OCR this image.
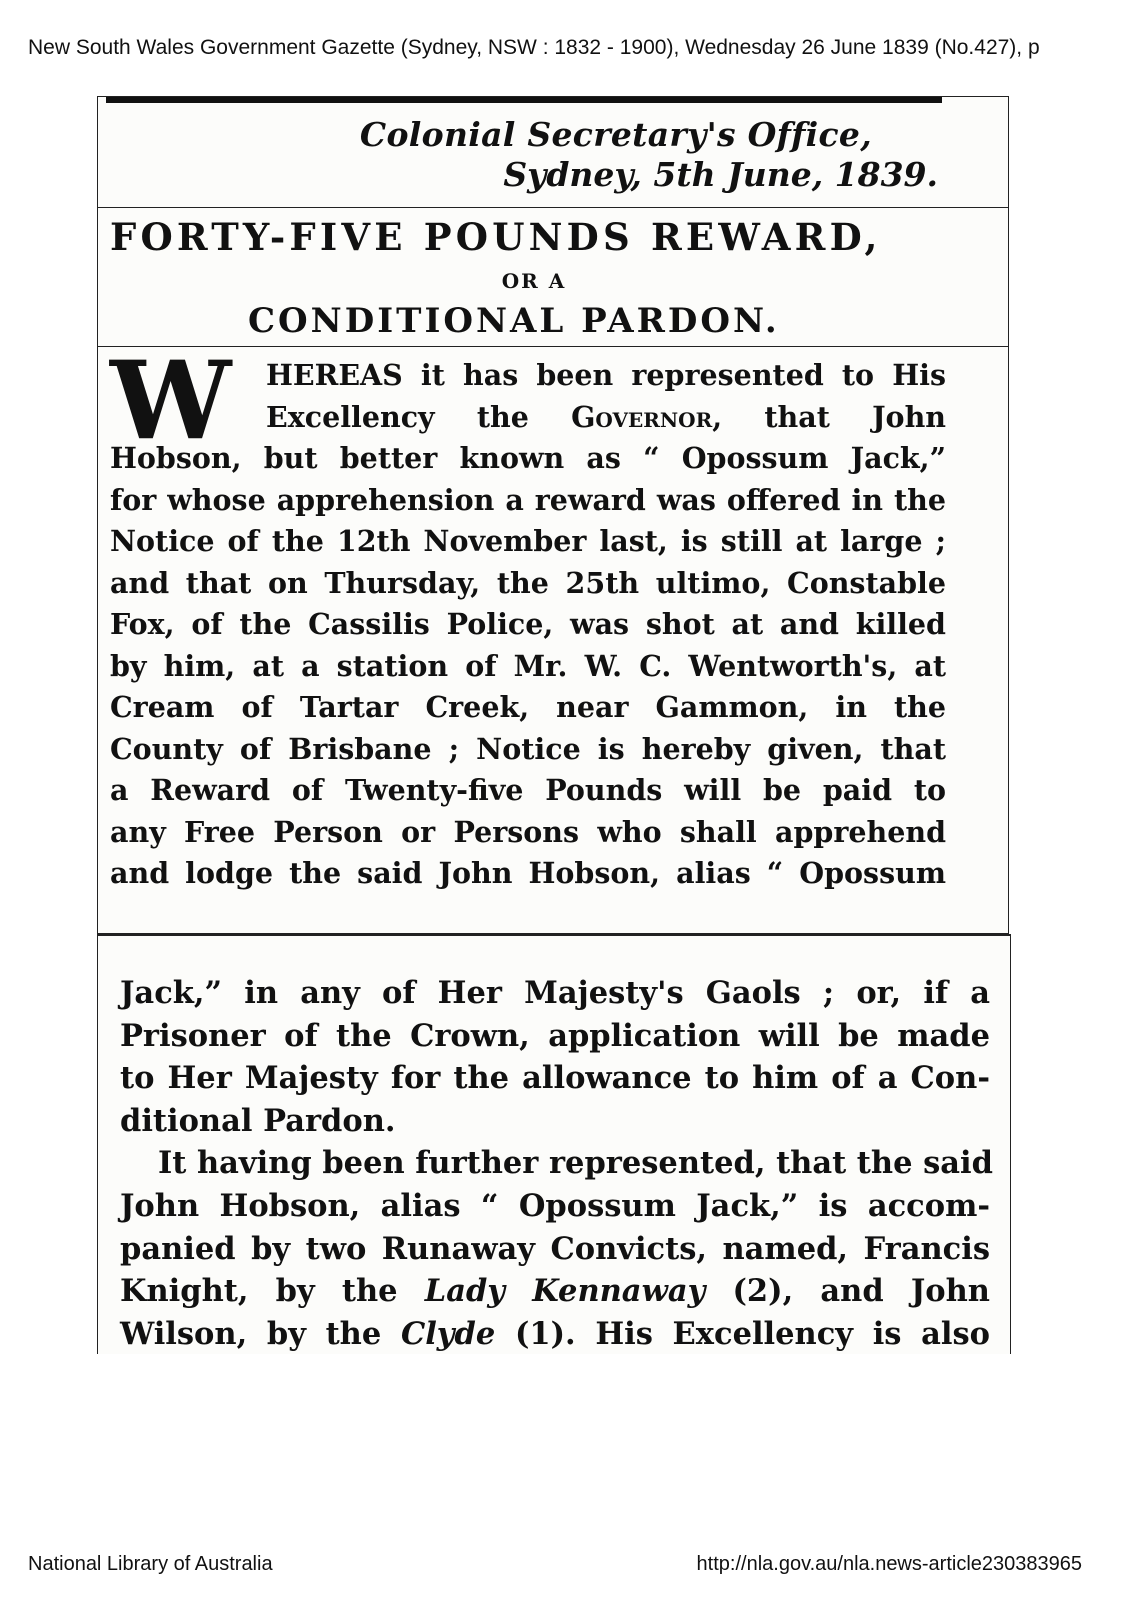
New South Wales Government Gazette (Sydney, NSW : 1832 - 1900), Wednesday 26 June 1839 (No.427), p
Colonial Secretary's Office,
Sydney, 5th June, 1839.
FORTY-FIVE POUNDS REWARD,
OR A
CONDITIONAL PARDON.
W	HEREAS it has been represented to His
Excellency the Governor, that John
Hobson, but better known as “ Opossum Jack,”
for whose apprehension a reward was offered in the
Notice of the 12th November last, is still at large ;
and that on Thursday, the 25th ultimo, Constable
Fox, of the Cassilis Police, was shot at and killed
by him, at a station of Mr. W. C. Wentworth's, at
Cream of Tartar Creek, near Gammon, in the
County of Brisbane ; Notice is hereby given, that
a Reward of Twenty-five Pounds will be paid to
any Free Person or Persons who shall apprehend
and lodge the said John Hobson, alias “ Opossum
Jack,” in any of Her Majesty's Gaols ; or, if a
Prisoner of the Crown, application will be made
to Her Majesty for the allowance to him of a Con-
ditional Pardon.
It having been further represented, that the said
John Hobson, alias “ Opossum Jack,” is accom-
panied by two Runaway Convicts, named, Francis
Knight, by the Lady Kennaway (2), and John
Wilson, by the Clyde (1). His Excellency is also
National Library of Australia	http://nla.gov.au/nla.news-article230383965
